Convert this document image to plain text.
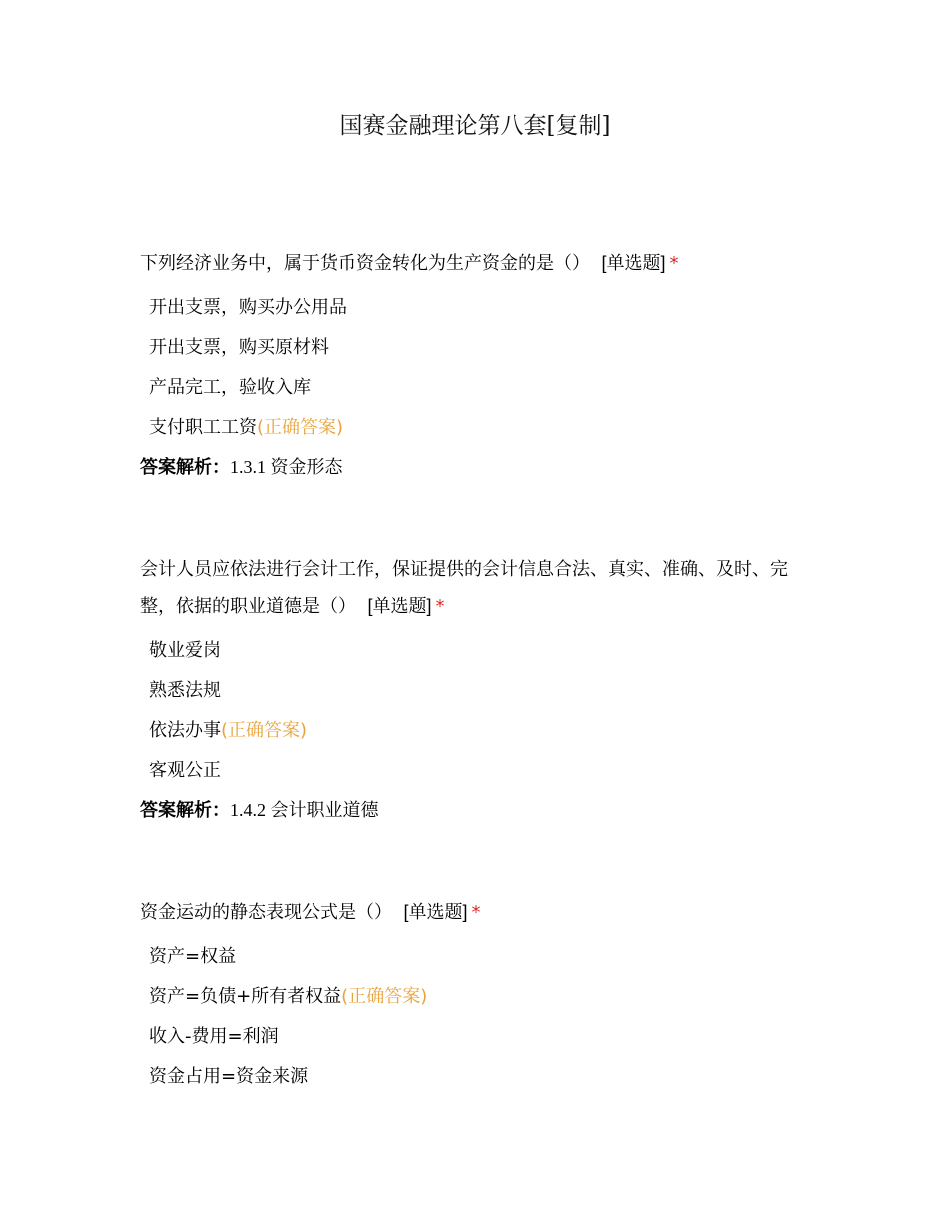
国赛金融理论第八套[复制]

下列经济业务中，属于货币资金转化为生产资金的是（） [单选题] *

开出支票，购买办公用品
开出支票，购买原材料
产品完工，验收入库
支付职工工资(正确答案)

答案解析：1.3.1 资金形态

会计人员应依法进行会计工作，保证提供的会计信息合法、真实、准确、及时、完整，依据的职业道德是（） [单选题] *

敬业爱岗
熟悉法规
依法办事(正确答案)
客观公正

答案解析：1.4.2 会计职业道德

资金运动的静态表现公式是（） [单选题] *

资产=权益
资产=负债+所有者权益(正确答案)
收入-费用=利润
资金占用=资金来源
